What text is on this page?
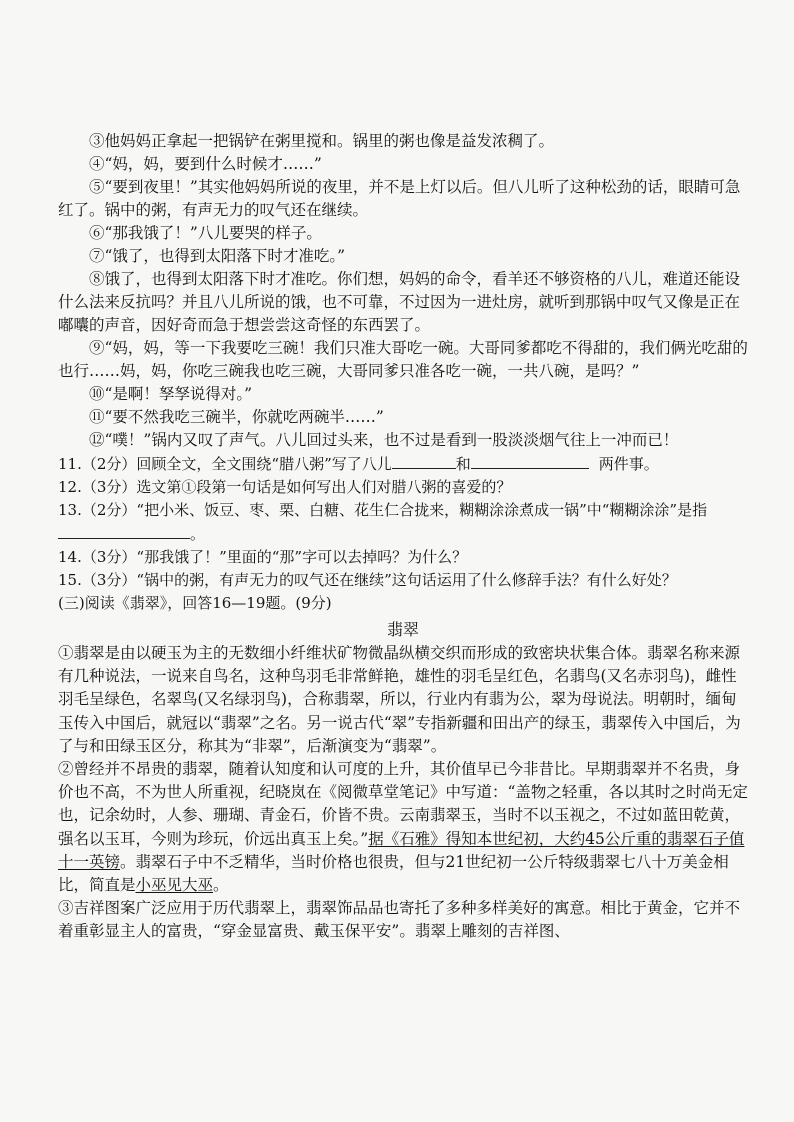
③他妈妈正拿起一把锅铲在粥里搅和。锅里的粥也像是益发浓稠了。

④“妈，妈，要到什么时候才……”

⑤“要到夜里！”其实他妈妈所说的夜里，并不是上灯以后。但八儿听了这种松劲的话，眼睛可急红了。锅中的粥，有声无力的叹气还在继续。

⑥“那我饿了！”八儿要哭的样子。

⑦“饿了，也得到太阳落下时才准吃。”

⑧饿了，也得到太阳落下时才准吃。你们想，妈妈的命令，看羊还不够资格的八儿，难道还能设什么法来反抗吗？并且八儿所说的饿，也不可靠，不过因为一进灶房，就听到那锅中叹气又像是正在嘟囔的声音，因好奇而急于想尝尝这奇怪的东西罢了。

⑨“妈，妈，等一下我要吃三碗！我们只准大哥吃一碗。大哥同爹都吃不得甜的，我们俩光吃甜的也行……妈，妈，你吃三碗我也吃三碗，大哥同爹只准各吃一碗，一共八碗，是吗？”

⑩“是啊！孥孥说得对。”

⑪“要不然我吃三碗半，你就吃两碗半……”

⑫“噗！”锅内又叹了声气。八儿回过头来，也不过是看到一股淡淡烟气往上一冲而已！

11.（2分）回顾全文，全文围绕“腊八粥”写了八儿	和	两件事。

12.（3分）选文第①段第一句话是如何写出人们对腊八粥的喜爱的？

13.（2分）“把小米、饭豆、枣、栗、白糖、花生仁合拢来，糊糊涂涂煮成一锅”中“糊糊涂涂”是指。

14.（3分）“那我饿了！”里面的“那”字可以去掉吗？为什么？

15.（3分）“锅中的粥，有声无力的叹气还在继续”这句话运用了什么修辞手法？有什么好处？

(三)阅读《翡翠》，回答16—19题。(9分)

翡翠

①翡翠是由以硬玉为主的无数细小纤维状矿物微晶纵横交织而形成的致密块状集合体。翡翠名称来源有几种说法，一说来自鸟名，这种鸟羽毛非常鲜艳，雄性的羽毛呈红色，名翡鸟(又名赤羽鸟)，雌性羽毛呈绿色，名翠鸟(又名绿羽鸟)，合称翡翠，所以，行业内有翡为公，翠为母说法。明朝时，缅甸玉传入中国后，就冠以“翡翠”之名。另一说古代“翠”专指新疆和田出产的绿玉，翡翠传入中国后，为了与和田绿玉区分，称其为“非翠”，后渐演变为“翡翠”。

②曾经并不昂贵的翡翠，随着认知度和认可度的上升，其价值早已今非昔比。早期翡翠并不名贵，身价也不高，不为世人所重视，纪晓岚在《阅微草堂笔记》中写道：“盖物之轻重，各以其时之时尚无定也，记余幼时，人参、珊瑚、青金石，价皆不贵。云南翡翠玉，当时不以玉视之，不过如蓝田乾黄，强名以玉耳，今则为珍玩，价远出真玉上矣。”据《石雅》得知本世纪初，大约45公斤重的翡翠石子值十一英镑。翡翠石子中不乏精华，当时价格也很贵，但与21世纪初一公斤特级翡翠七八十万美金相比，简直是小巫见大巫。

③吉祥图案广泛应用于历代翡翠上，翡翠饰品品也寄托了多种多样美好的寓意。相比于黄金，它并不着重彰显主人的富贵，“穿金显富贵、戴玉保平安”。翡翠上雕刻的吉祥图、
